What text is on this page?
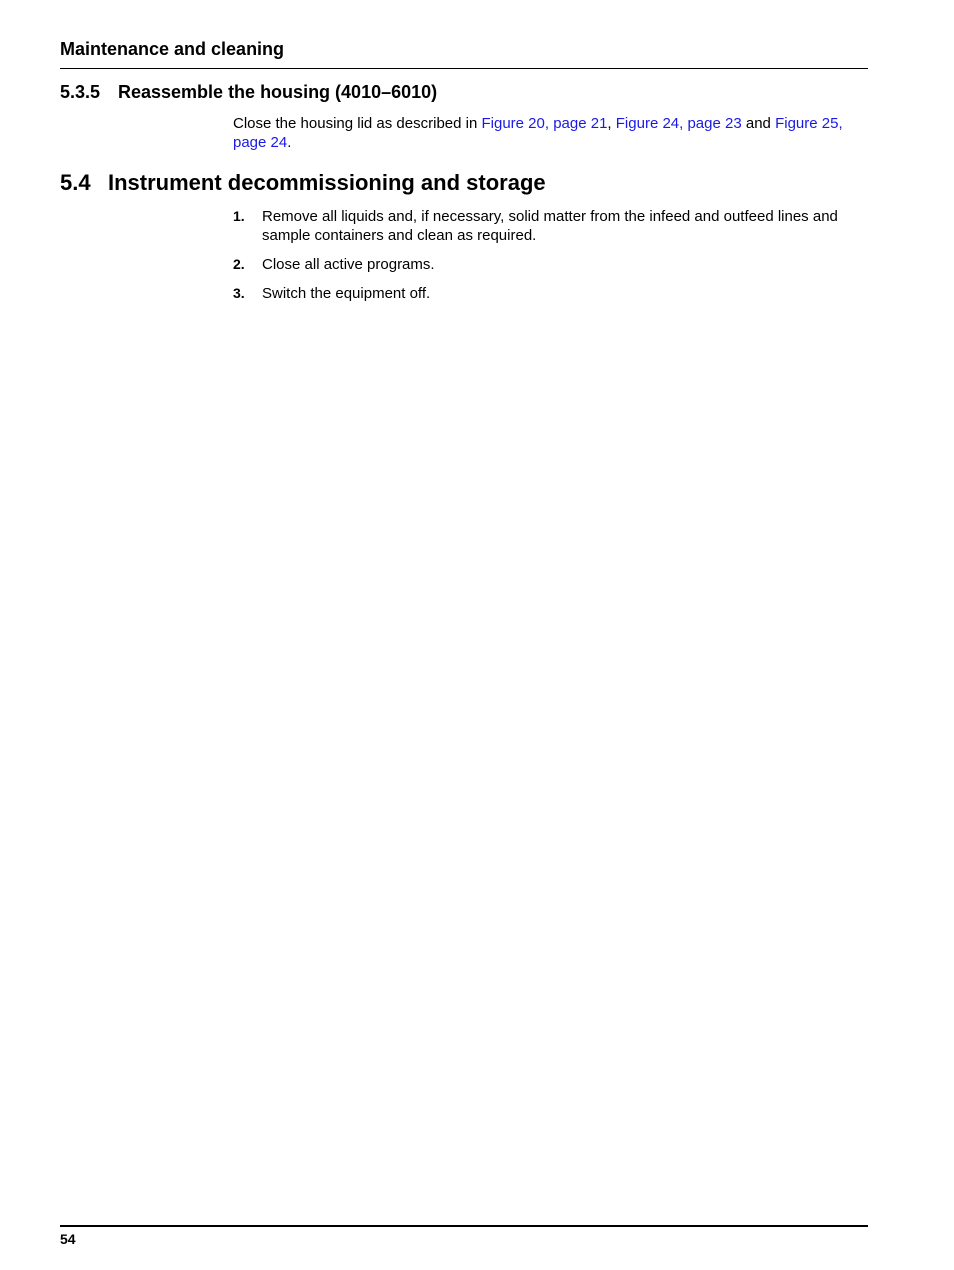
Maintenance and cleaning
5.3.5 Reassemble the housing (4010–6010)

Close the housing lid as described in Figure 20, page 21, Figure 24, page 23 and Figure 25, page 24.

5.4 Instrument decommissioning and storage
1.	Remove all liquids and, if necessary, solid matter from the infeed and outfeed lines and sample containers and clean as required.
2.	Close all active programs.
3.	Switch the equipment off.
54
